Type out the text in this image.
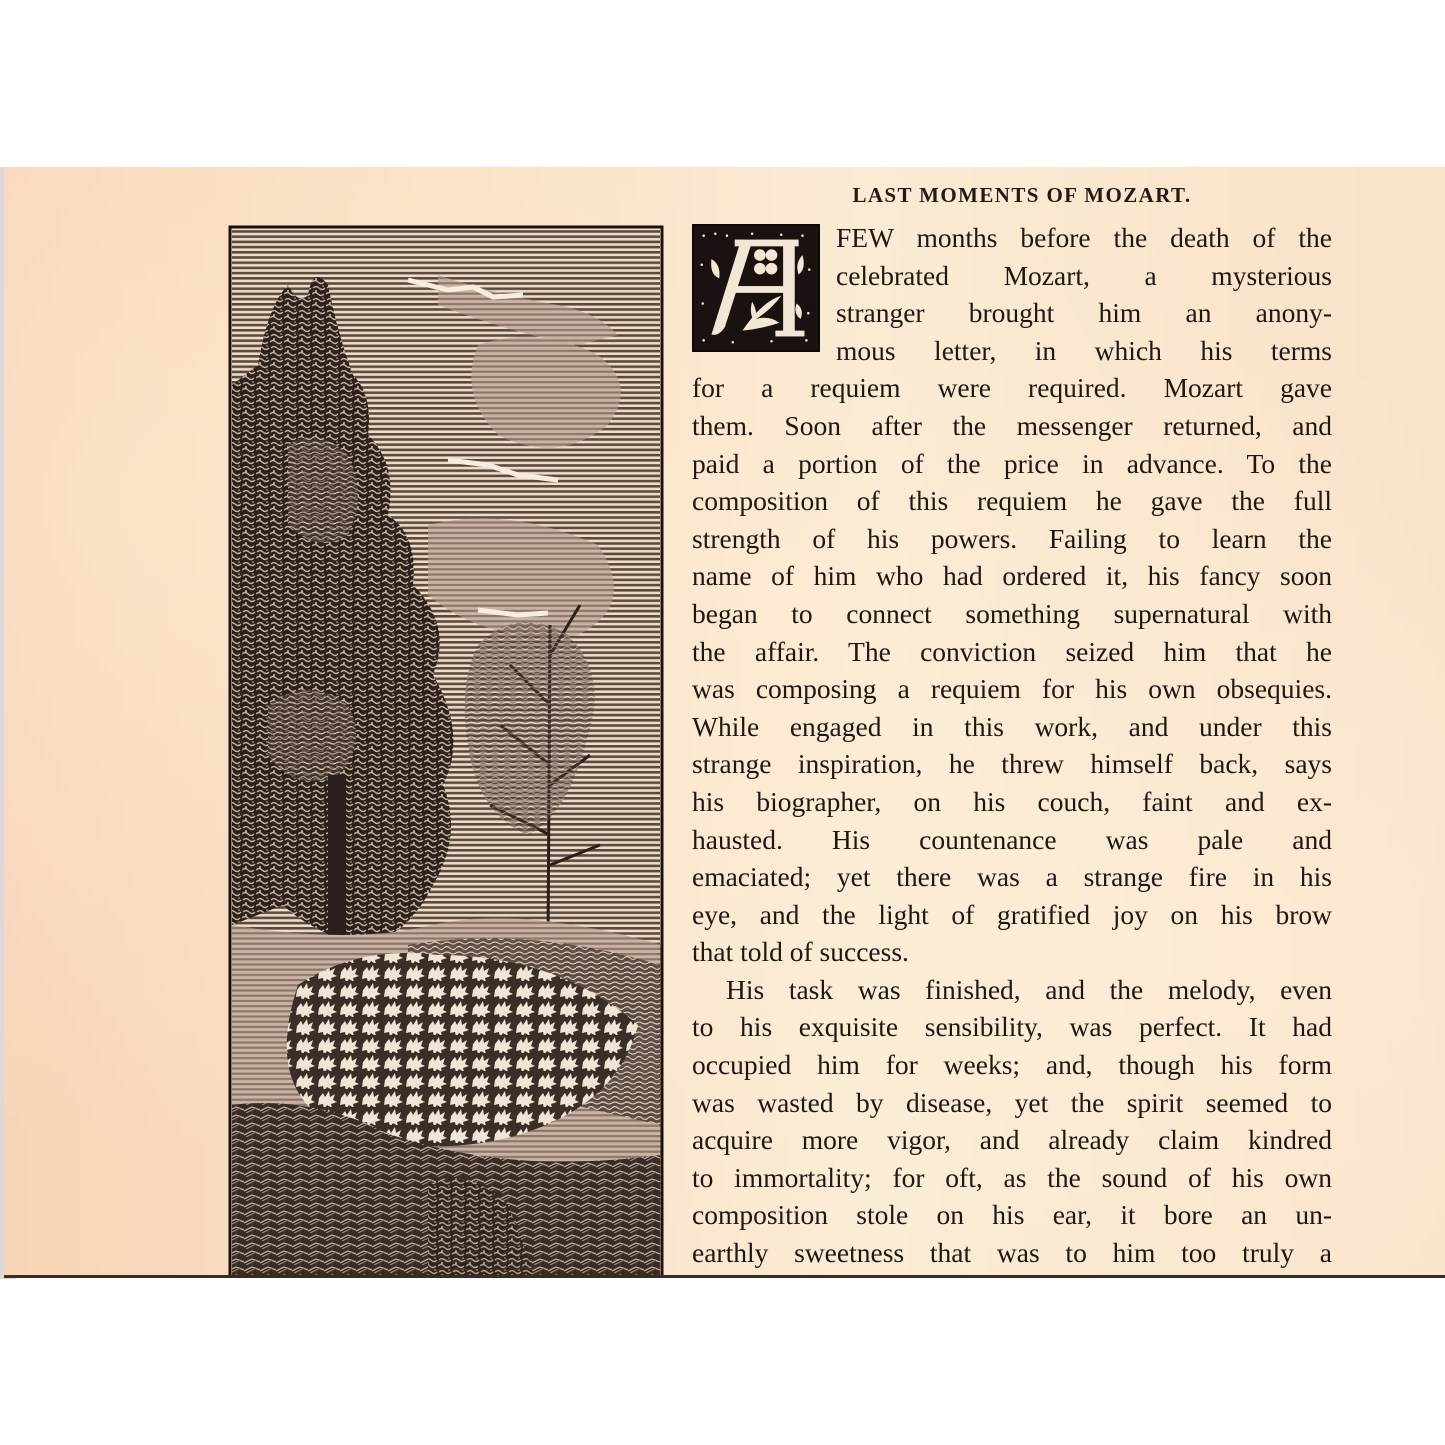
LAST MOMENTS OF MOZART.
FEW months before the death of the
celebrated Mozart, a mysterious
stranger brought him an anony-
mous letter, in which his terms
for a requiem were required. Mozart gave
them. Soon after the messenger returned, and
paid a portion of the price in advance. To the
composition of this requiem he gave the full
strength of his powers. Failing to learn the
name of him who had ordered it, his fancy soon
began to connect something supernatural with
the affair. The conviction seized him that he
was composing a requiem for his own obsequies.
While engaged in this work, and under this
strange inspiration, he threw himself back, says
his biographer, on his couch, faint and ex-
hausted. His countenance was pale and
emaciated; yet there was a strange fire in his
eye, and the light of gratified joy on his brow
that told of success.
His task was finished, and the melody, even
to his exquisite sensibility, was perfect. It had
occupied him for weeks; and, though his form
was wasted by disease, yet the spirit seemed to
acquire more vigor, and already claim kindred
to immortality; for oft, as the sound of his own
composition stole on his ear, it bore an un-
earthly sweetness that was to him too truly a
